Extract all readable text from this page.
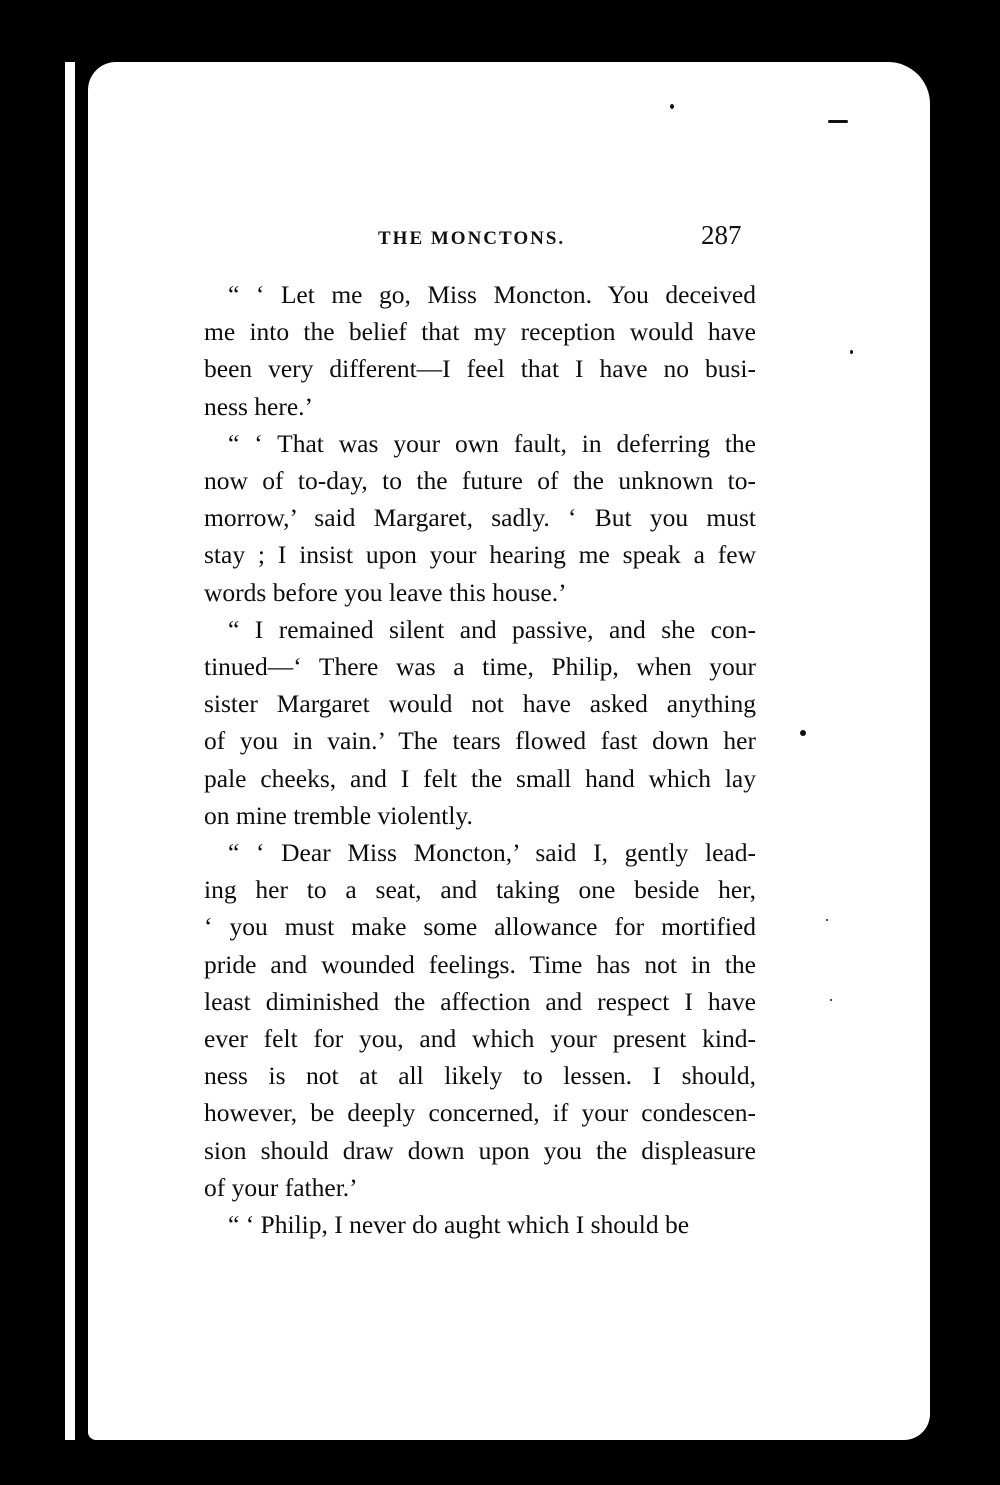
THE MONCTONS.	287

“ ‘ Let me go, Miss Moncton. You deceived
me into the belief that my reception would have
been very different—I feel that I have no busi-
ness here.’

“ ‘ That was your own fault, in deferring the
now of to-day, to the future of the unknown to-
morrow,’ said Margaret, sadly. ‘ But you must
stay ; I insist upon your hearing me speak a few
words before you leave this house.’

“ I remained silent and passive, and she con-
tinued—‘ There was a time, Philip, when your
sister Margaret would not have asked anything
of you in vain.’ The tears flowed fast down her
pale cheeks, and I felt the small hand which lay
on mine tremble violently.

“ ‘ Dear Miss Moncton,’ said I, gently lead-
ing her to a seat, and taking one beside her,
‘ you must make some allowance for mortified
pride and wounded feelings. Time has not in the
least diminished the affection and respect I have
ever felt for you, and which your present kind-
ness is not at all likely to lessen. I should,
however, be deeply concerned, if your condescen-
sion should draw down upon you the displeasure
of your father.’

“ ‘ Philip, I never do aught which I should be
